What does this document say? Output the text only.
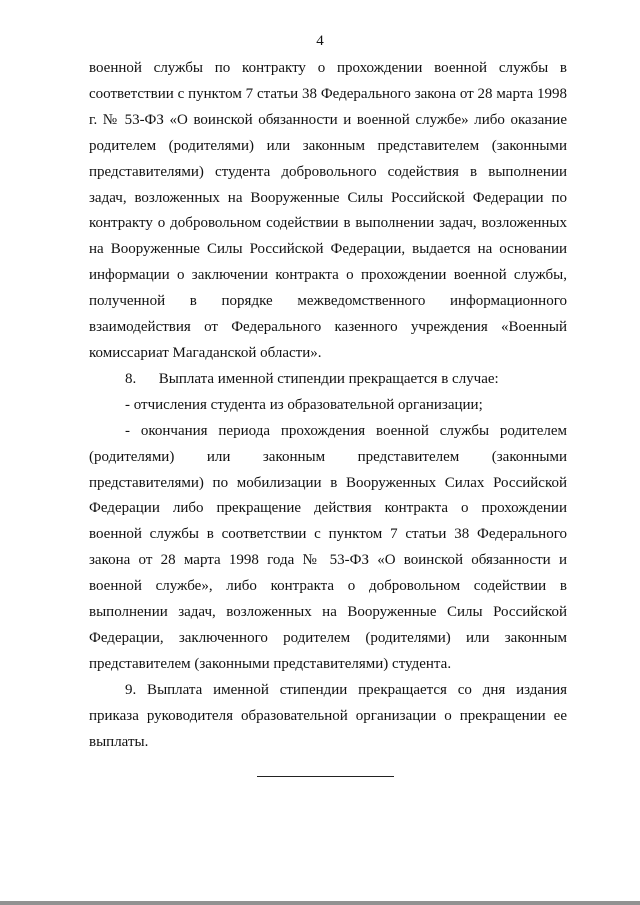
4

военной службы по контракту о прохождении военной службы в соответствии с пунктом 7 статьи 38 Федерального закона от 28 марта 1998 г. № 53-ФЗ «О воинской обязанности и военной службе» либо оказание родителем (родителями) или законным представителем (законными представителями) студента добровольного содействия в выполнении задач, возложенных на Вооруженные Силы Российской Федерации по контракту о добровольном содействии в выполнении задач, возложенных на Вооруженные Силы Российской Федерации, выдается на основании информации о заключении контракта о прохождении военной службы, полученной в порядке межведомственного информационного взаимодействия от Федерального казенного учреждения «Военный комиссариат Магаданской области».

8.      Выплата именной стипендии прекращается в случае:

- отчисления студента из образовательной организации;

- окончания периода прохождения военной службы родителем (родителями) или законным представителем (законными представителями) по мобилизации в Вооруженных Силах Российской Федерации либо прекращение действия контракта о прохождении военной службы в соответствии с пунктом 7 статьи 38 Федерального закона от 28 марта 1998 года № 53-ФЗ «О воинской обязанности и военной службе», либо контракта о добровольном содействии в выполнении задач, возложенных на Вооруженные Силы Российской Федерации, заключенного родителем (родителями) или законным представителем (законными представителями) студента.

9. Выплата именной стипендии прекращается со дня издания приказа руководителя образовательной организации о прекращении ее выплаты.
